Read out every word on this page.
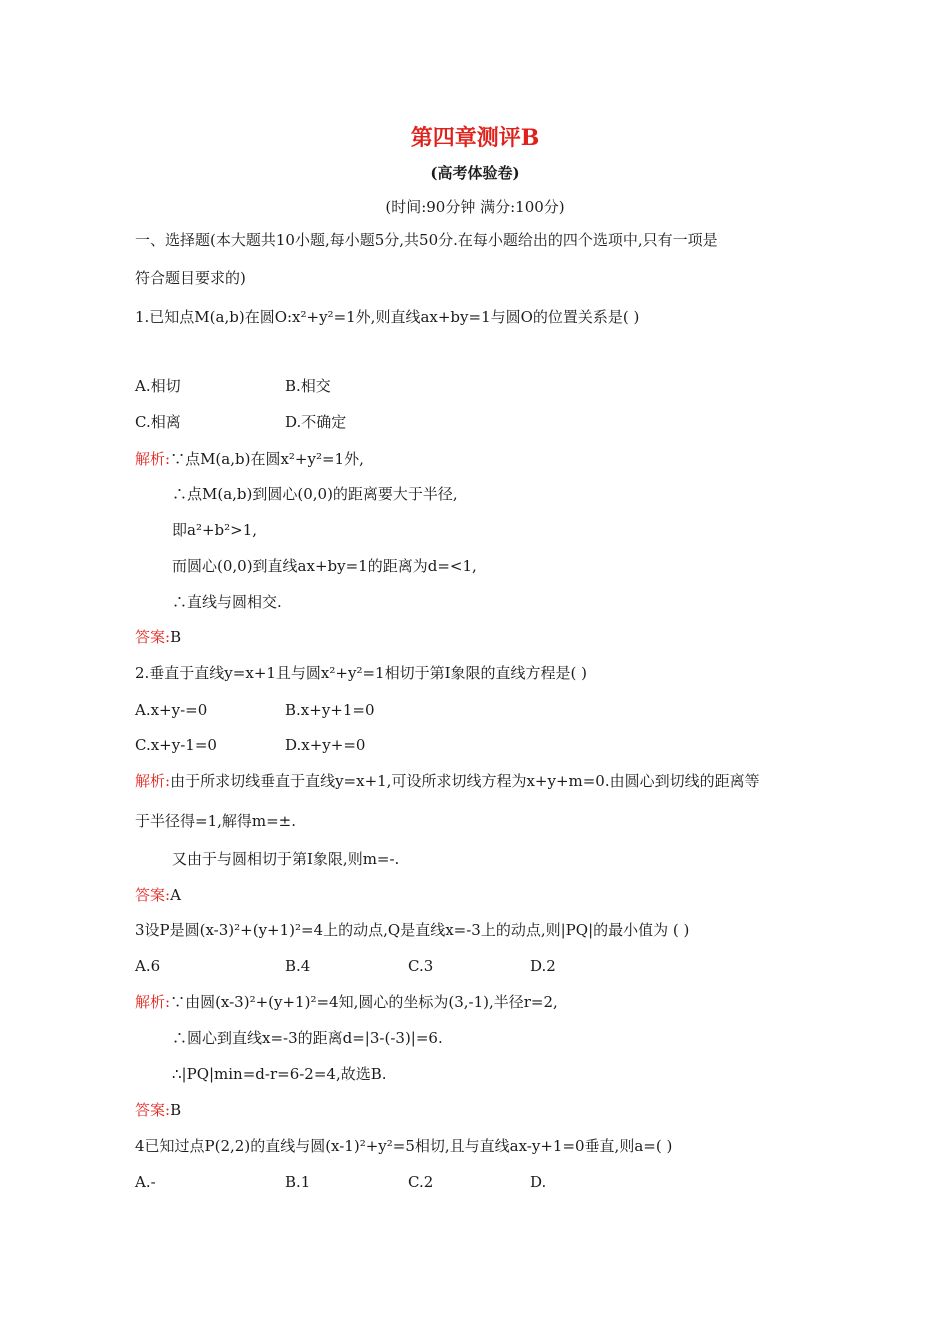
第四章测评B
(高考体验卷)
(时间:90分钟 满分:100分)
一、选择题(本大题共10小题,每小题5分,共50分.在每小题给出的四个选项中,只有一项是
符合题目要求的)
1.已知点M(a,b)在圆O:x²+y²=1外,则直线ax+by=1与圆O的位置关系是( )
A.相切	B.相交
C.相离	D.不确定
解析:∵点M(a,b)在圆x²+y²=1外,
∴点M(a,b)到圆心(0,0)的距离要大于半径,
即a²+b²>1,
而圆心(0,0)到直线ax+by=1的距离为d=<1,
∴直线与圆相交.
答案:B
2.垂直于直线y=x+1且与圆x²+y²=1相切于第Ⅰ象限的直线方程是( )
A.x+y-=0	B.x+y+1=0
C.x+y-1=0	D.x+y+=0
解析:由于所求切线垂直于直线y=x+1,可设所求切线方程为x+y+m=0.由圆心到切线的距离等
于半径得=1,解得m=±.
又由于与圆相切于第Ⅰ象限,则m=-.
答案:A
3设P是圆(x-3)²+(y+1)²=4上的动点,Q是直线x=-3上的动点,则|PQ|的最小值为 ( )
A.6	B.4	C.3	D.2
解析:∵由圆(x-3)²+(y+1)²=4知,圆心的坐标为(3,-1),半径r=2,
∴圆心到直线x=-3的距离d=|3-(-3)|=6.
∴|PQ|min=d-r=6-2=4,故选B.
答案:B
4已知过点P(2,2)的直线与圆(x-1)²+y²=5相切,且与直线ax-y+1=0垂直,则a=( )
A.-	B.1	C.2	D.
